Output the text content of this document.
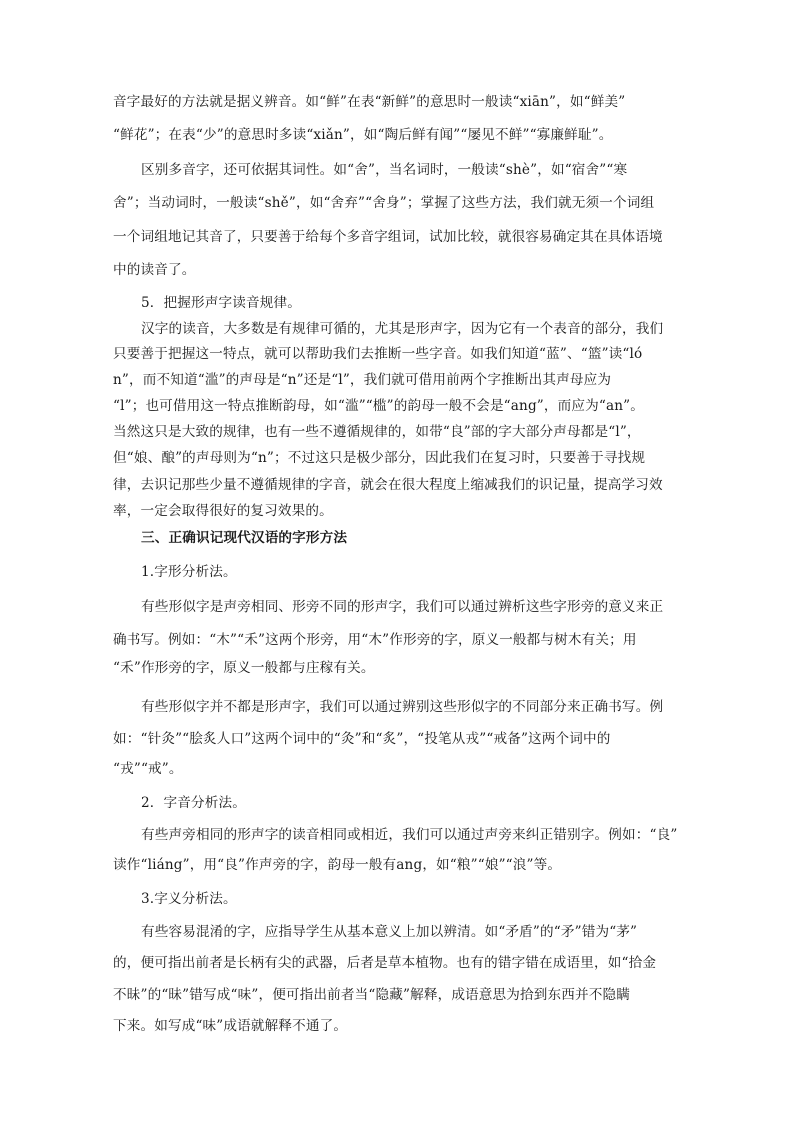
音字最好的方法就是据义辨音。如“鲜”在表“新鲜”的意思时一般读“xiān”，如“鲜美”
“鲜花”；在表“少”的意思时多读“xiǎn”，如“陶后鲜有闻”“屡见不鲜”“寡廉鲜耻”。
区别多音字，还可依据其词性。如“舍”，当名词时，一般读“shè”，如“宿舍”“寒
舍”；当动词时，一般读“shě”，如“舍弃”“舍身”；掌握了这些方法，我们就无须一个词组
一个词组地记其音了，只要善于给每个多音字组词，试加比较，就很容易确定其在具体语境
中的读音了。
5．把握形声字读音规律。
汉字的读音，大多数是有规律可循的，尤其是形声字，因为它有一个表音的部分，我们
只要善于把握这一特点，就可以帮助我们去推断一些字音。如我们知道“蓝”、“篮”读“ló
n”，而不知道“滥”的声母是“n”还是“l”，我们就可借用前两个字推断出其声母应为
“l”；也可借用这一特点推断韵母，如“滥”“槛”的韵母一般不会是“ang”，而应为“an”。
当然这只是大致的规律，也有一些不遵循规律的，如带“良”部的字大部分声母都是“l”，
但“娘、酿”的声母则为“n”；不过这只是极少部分，因此我们在复习时，只要善于寻找规
律，去识记那些少量不遵循规律的字音，就会在很大程度上缩减我们的识记量，提高学习效
率，一定会取得很好的复习效果的。
三、正确识记现代汉语的字形方法
1.字形分析法。
有些形似字是声旁相同、形旁不同的形声字，我们可以通过辨析这些字形旁的意义来正
确书写。例如：“木”“禾”这两个形旁，用“木”作形旁的字，原义一般都与树木有关；用
“禾”作形旁的字，原义一般都与庄稼有关。
有些形似字并不都是形声字，我们可以通过辨别这些形似字的不同部分来正确书写。例
如：“针灸”“脍炙人口”这两个词中的“灸”和“炙”，“投笔从戎”“戒备”这两个词中的
“戎”“戒”。
2．字音分析法。
有些声旁相同的形声字的读音相同或相近，我们可以通过声旁来纠正错别字。例如：“良”
读作“liáng”，用“良”作声旁的字，韵母一般有ang，如“粮”“娘”“浪”等。
3.字义分析法。
有些容易混淆的字，应指导学生从基本意义上加以辨清。如“矛盾”的“矛”错为“茅”
的，便可指出前者是长柄有尖的武器，后者是草本植物。也有的错字错在成语里，如“拾金
不昧”的“昧”错写成“味”，便可指出前者当“隐藏”解释，成语意思为拾到东西并不隐瞒
下来。如写成“味”成语就解释不通了。
